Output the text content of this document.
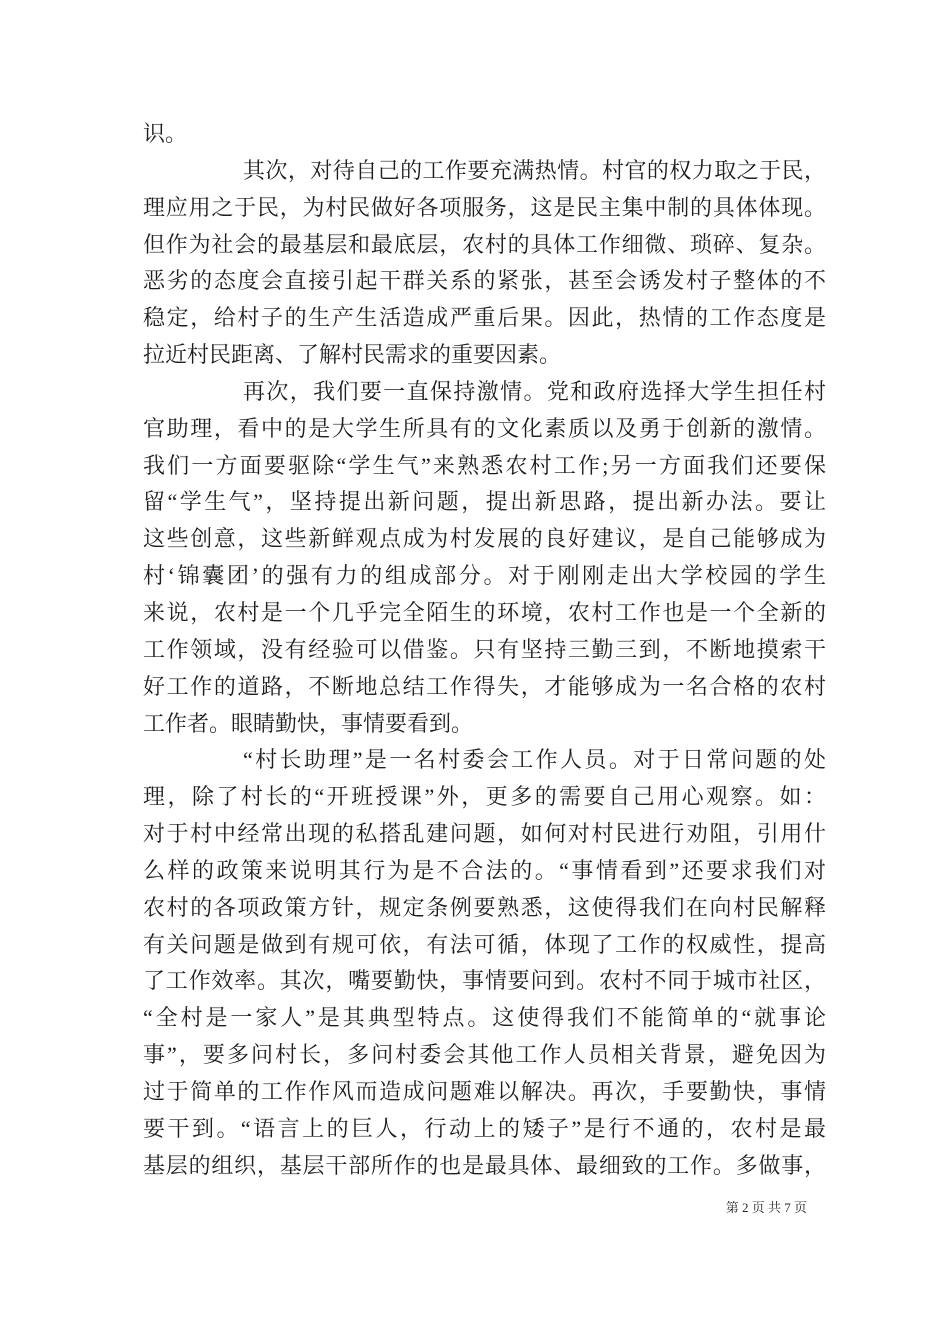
识。
其次，对待自己的工作要充满热情。村官的权力取之于民，
理应用之于民，为村民做好各项服务，这是民主集中制的具体体现。
但作为社会的最基层和最底层，农村的具体工作细微、琐碎、复杂。
恶劣的态度会直接引起干群关系的紧张，甚至会诱发村子整体的不
稳定，给村子的生产生活造成严重后果。因此，热情的工作态度是
拉近村民距离、了解村民需求的重要因素。
再次，我们要一直保持激情。党和政府选择大学生担任村
官助理，看中的是大学生所具有的文化素质以及勇于创新的激情。
我们一方面要驱除“学生气”来熟悉农村工作;另一方面我们还要保
留“学生气”，坚持提出新问题，提出新思路，提出新办法。要让
这些创意，这些新鲜观点成为村发展的良好建议，是自己能够成为
村‘锦囊团’的强有力的组成部分。对于刚刚走出大学校园的学生
来说，农村是一个几乎完全陌生的环境，农村工作也是一个全新的
工作领域，没有经验可以借鉴。只有坚持三勤三到，不断地摸索干
好工作的道路，不断地总结工作得失，才能够成为一名合格的农村
工作者。眼睛勤快，事情要看到。
“村长助理”是一名村委会工作人员。对于日常问题的处
理，除了村长的“开班授课”外，更多的需要自己用心观察。如：
对于村中经常出现的私搭乱建问题，如何对村民进行劝阻，引用什
么样的政策来说明其行为是不合法的。“事情看到”还要求我们对
农村的各项政策方针，规定条例要熟悉，这使得我们在向村民解释
有关问题是做到有规可依，有法可循，体现了工作的权威性，提高
了工作效率。其次，嘴要勤快，事情要问到。农村不同于城市社区，
“全村是一家人”是其典型特点。这使得我们不能简单的“就事论
事”，要多问村长，多问村委会其他工作人员相关背景，避免因为
过于简单的工作作风而造成问题难以解决。再次，手要勤快，事情
要干到。“语言上的巨人，行动上的矮子”是行不通的，农村是最
基层的组织，基层干部所作的也是最具体、最细致的工作。多做事，
第 2 页 共 7 页
